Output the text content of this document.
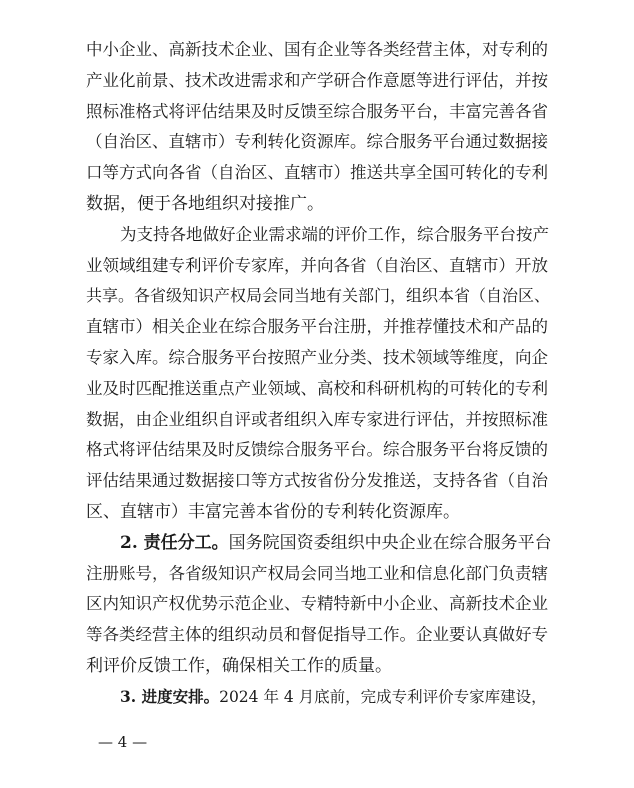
中小企业、高新技术企业、国有企业等各类经营主体，对专利的
产业化前景、技术改进需求和产学研合作意愿等进行评估，并按
照标准格式将评估结果及时反馈至综合服务平台，丰富完善各省
（自治区、直辖市）专利转化资源库。综合服务平台通过数据接
口等方式向各省（自治区、直辖市）推送共享全国可转化的专利
数据，便于各地组织对接推广。
为支持各地做好企业需求端的评价工作，综合服务平台按产
业领域组建专利评价专家库，并向各省（自治区、直辖市）开放
共享。各省级知识产权局会同当地有关部门，组织本省（自治区、
直辖市）相关企业在综合服务平台注册，并推荐懂技术和产品的
专家入库。综合服务平台按照产业分类、技术领域等维度，向企
业及时匹配推送重点产业领域、高校和科研机构的可转化的专利
数据，由企业组织自评或者组织入库专家进行评估，并按照标准
格式将评估结果及时反馈综合服务平台。综合服务平台将反馈的
评估结果通过数据接口等方式按省份分发推送，支持各省（自治
区、直辖市）丰富完善本省份的专利转化资源库。
2. 责任分工。国务院国资委组织中央企业在综合服务平台
注册账号，各省级知识产权局会同当地工业和信息化部门负责辖
区内知识产权优势示范企业、专精特新中小企业、高新技术企业
等各类经营主体的组织动员和督促指导工作。企业要认真做好专
利评价反馈工作，确保相关工作的质量。
3. 进度安排。2024 年 4 月底前，完成专利评价专家库建设，
— 4 —
